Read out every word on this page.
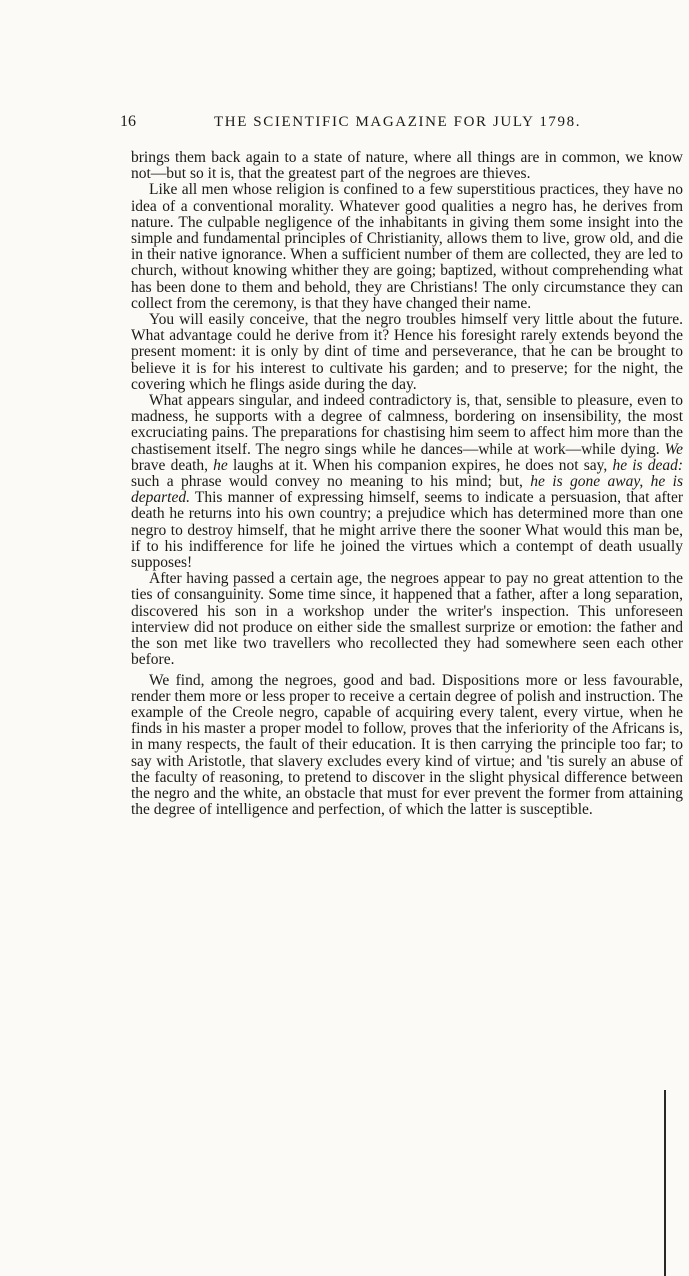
16	THE SCIENTIFIC MAGAZINE FOR JULY 1798.

brings them back again to a state of nature, where all things are in common, we know not—but so it is, that the greatest part of the negroes are thieves.

Like all men whose religion is confined to a few superstitious practices, they have no idea of a conventional morality. Whatever good qualities a negro has, he derives from nature. The culpable negligence of the inhabitants in giving them some insight into the simple and fundamental principles of Christianity, allows them to live, grow old, and die in their native ignorance. When a sufficient number of them are collected, they are led to church, without knowing whither they are going; baptized, without comprehending what has been done to them and behold, they are Christians! The only circumstance they can collect from the ceremony, is that they have changed their name.

You will easily conceive, that the negro troubles himself very little about the future. What advantage could he derive from it? Hence his foresight rarely extends beyond the present moment: it is only by dint of time and perseverance, that he can be brought to believe it is for his interest to cultivate his garden; and to preserve; for the night, the covering which he flings aside during the day.

What appears singular, and indeed contradictory is, that, sensible to pleasure, even to madness, he supports with a degree of calmness, bordering on insensibility, the most excruciating pains. The preparations for chastising him seem to affect him more than the chastisement itself. The negro sings while he dances—while at work—while dying. We brave death, he laughs at it. When his companion expires, he does not say, he is dead: such a phrase would convey no meaning to his mind; but, he is gone away, he is departed. This manner of expressing himself, seems to indicate a persuasion, that after death he returns into his own country; a prejudice which has determined more than one negro to destroy himself, that he might arrive there the sooner What would this man be, if to his indifference for life he joined the virtues which a contempt of death usually supposes!

After having passed a certain age, the negroes appear to pay no great attention to the ties of consanguinity. Some time since, it happened that a father, after a long separation, discovered his son in a workshop under the writer's inspection. This unforeseen interview did not produce on either side the smallest surprize or emotion: the father and the son met like two travellers who recollected they had somewhere seen each other before.

We find, among the negroes, good and bad. Dispositions more or less favourable, render them more or less proper to receive a certain degree of polish and instruction. The example of the Creole negro, capable of acquiring every talent, every virtue, when he finds in his master a proper model to follow, proves that the inferiority of the Africans is, in many respects, the fault of their education. It is then carrying the principle too far; to say with Aristotle, that slavery excludes every kind of virtue; and 'tis surely an abuse of the faculty of reasoning, to pretend to discover in the slight physical difference between the negro and the white, an obstacle that must for ever prevent the former from attaining the degree of intelligence and perfection, of which the latter is susceptible.
